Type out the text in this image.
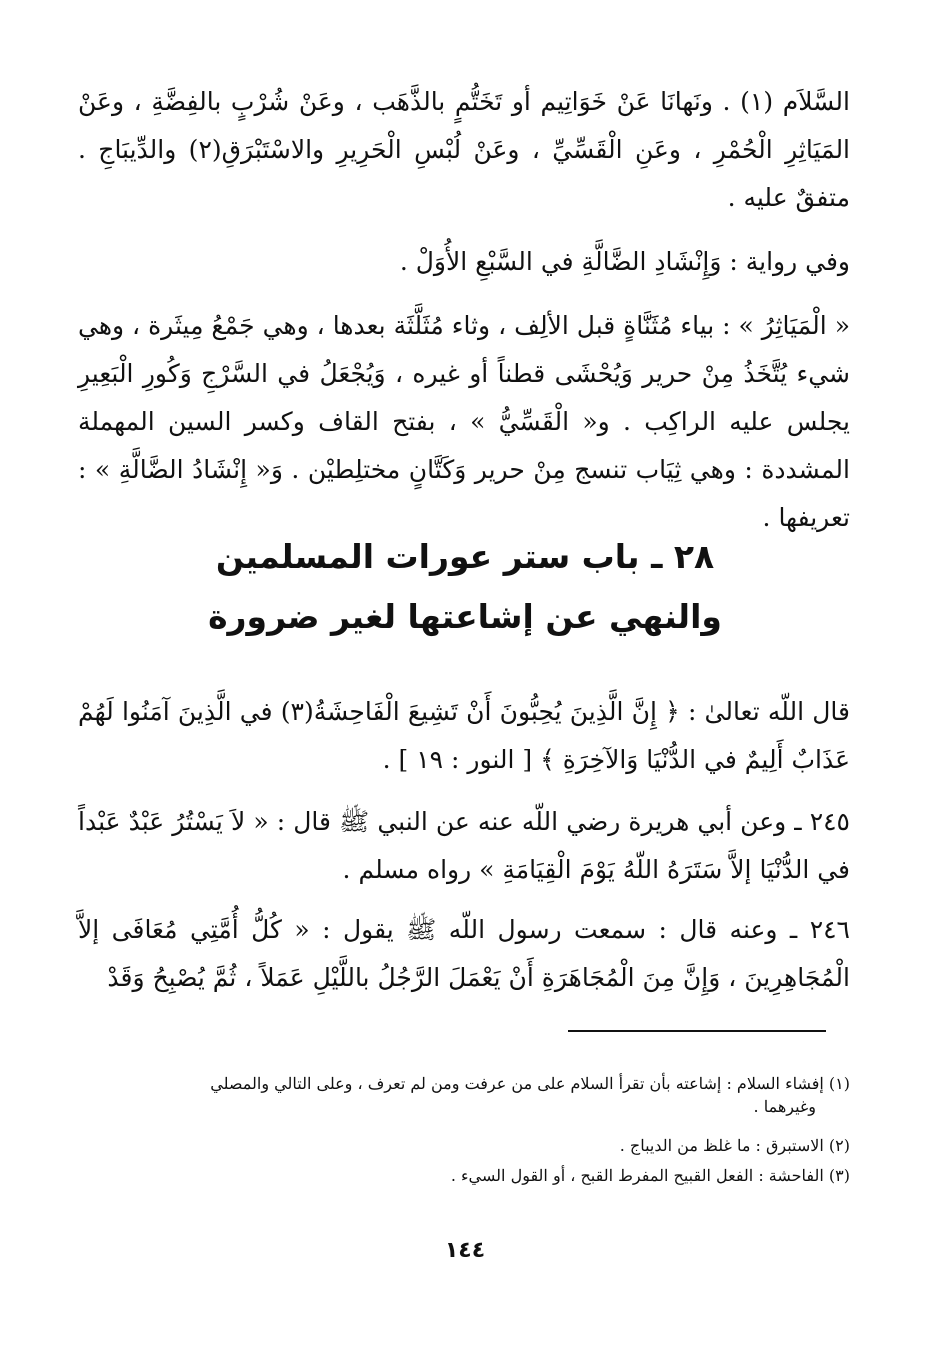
السَّلاَم (١) . ونَهانَا عَنْ خَوَاتِيم أو تَخَتُّمٍ بالذَّهَب ، وعَنْ شُرْبٍ بالفِضَّةِ ، وعَنْ المَيَاثِرِ الْحُمْرِ ، وعَنِ الْقَسِّيِّ ، وعَنْ لُبْسِ الْحَرِيرِ والاسْتَبْرَقِ(٢) والدِّيبَاجِ . متفقٌ عليه .

وفي رواية : وَإِنْشَادِ الضَّالَّةِ في السَّبْعِ الأُوَلْ .

« الْمَيَاثِرُ » : بياء مُثَنَّاةٍ قبل الألِف ، وثاء مُثَلَّثَة بعدها ، وهي جَمْعُ مِيثَرة ، وهي شيء يُتَّخَذُ مِنْ حرير وَيُحْشَى قطناً أو غيره ، وَيُجْعَلُ في السَّرْجِ وَكُورِ الْبَعِيرِ يجلس عليه الراكِب . و« الْقَسِّيُّ » ، بفتح القاف وكسر السين المهملة المشددة : وهي ثِيَاب تنسج مِنْ حرير وَكَتَّانٍ مختلِطيْن . وَ« إِنْشَادُ الضَّالَّةِ » : تعريفها .

٢٨ ـ باب ستر عورات المسلمين
والنهي عن إشاعتها لغير ضرورة

قال اللّه تعالىٰ : ﴿ إِنَّ الَّذِينَ يُحِبُّونَ أَنْ تَشِيعَ الْفَاحِشَةُ(٣) في الَّذِينَ آمَنُوا لَهُمْ عَذَابٌ أَلِيمٌ في الدُّنْيَا وَالآخِرَةِ ﴾ [ النور : ١٩ ] .

٢٤٥ ـ وعن أبي هريرة رضي اللّه عنه عن النبي ﷺ قال : « لاَ يَسْتُرُ عَبْدٌ عَبْداً في الدُّنْيَا إلاَّ سَتَرَهُ اللّهُ يَوْمَ الْقِيَامَةِ » رواه مسلم .

٢٤٦ ـ وعنه قال : سمعت رسول اللّه ﷺ يقول : « كُلُّ أُمَّتِي مُعَافَى إلاَّ الْمُجَاهِرِينَ ، وَإِنَّ مِنَ الْمُجَاهَرَةِ أَنْ يَعْمَلَ الرَّجُلُ باللَّيْلِ عَمَلاً ، ثُمَّ يُصْبِحُ وَقَدْ

(١) إفشاء السلام : إشاعته بأن تقرأ السلام على من عرفت ومن لم تعرف ، وعلى التالي والمصلي
وغيرهما .

(٢) الاستبرق : ما غلظ من الديباج .

(٣) الفاحشة : الفعل القبيح المفرط القبح ، أو القول السيء .

١٤٤
